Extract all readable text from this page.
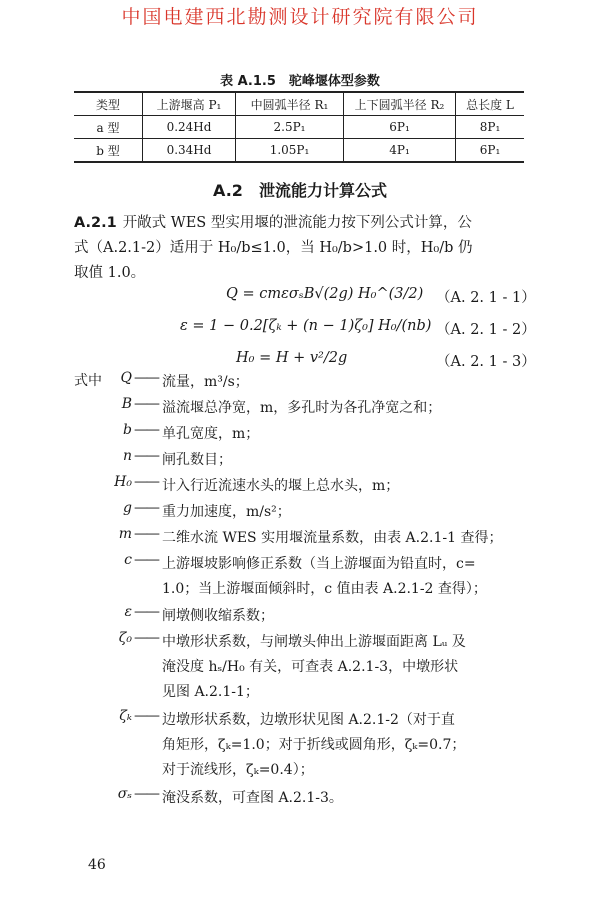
中国电建西北勘测设计研究院有限公司
表 A.1.5　驼峰堰体型参数
类型	上游堰高 P₁	中圆弧半径 R₁	上下圆弧半径 R₂	总长度 L
a 型	0.24Hd	2.5P₁	6P₁	8P₁
b 型	0.34Hd	1.05P₁	4P₁	6P₁
A.2　泄流能力计算公式
A.2.1 开敞式 WES 型实用堰的泄流能力按下列公式计算，公
式（A.2.1-2）适用于 H₀/b≤1.0，当 H₀/b>1.0 时，H₀/b 仍
取值 1.0。
Q = cmεσₛB√(2g) H₀^(3/2) （A. 2. 1 - 1）
ε = 1 − 0.2[ζₖ + (n − 1)ζ₀] H₀/(nb) （A. 2. 1 - 2）
H₀ = H + v²/2g	（A. 2. 1 - 3）
式中	Q —— 流量，m³/s；
B —— 溢流堰总净宽，m，多孔时为各孔净宽之和；
b —— 单孔宽度，m；
n —— 闸孔数目；
H₀ —— 计入行近流速水头的堰上总水头，m；
g —— 重力加速度，m/s²；
m —— 二维水流 WES 实用堰流量系数，由表 A.2.1-1 查得；
c —— 上游堰坡影响修正系数（当上游堰面为铅直时，c=
1.0；当上游堰面倾斜时，c 值由表 A.2.1-2 查得）；
ε —— 闸墩侧收缩系数；
ζ₀ —— 中墩形状系数，与闸墩头伸出上游堰面距离 Lᵤ 及
淹没度 hₛ/H₀ 有关，可查表 A.2.1-3，中墩形状
见图 A.2.1-1；
ζₖ —— 边墩形状系数，边墩形状见图 A.2.1-2（对于直
角矩形，ζₖ=1.0；对于折线或圆角形，ζₖ=0.7；
对于流线形，ζₖ=0.4）；
σₛ —— 淹没系数，可查图 A.2.1-3。
46
